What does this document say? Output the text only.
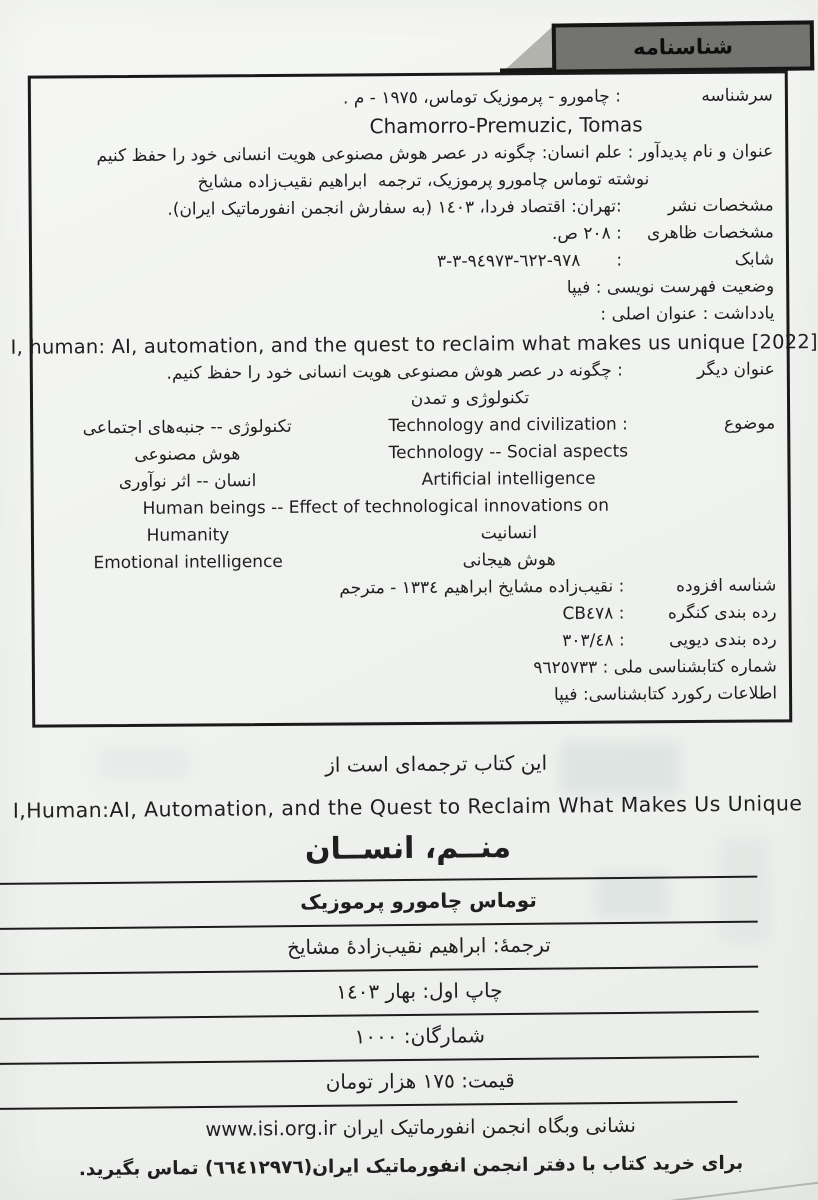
شناسنامه
سرشناسه
: چامورو - پرموزیک توماس، ١٩٧٥ - م .
Chamorro-Premuzic, Tomas
عنوان و نام پدیدآور : علم انسان: چگونه در عصر هوش مصنوعی هویت انسانی خود را حفظ کنیم
نوشته توماس چامورو پرموزیک، ترجمه  ابراهیم نقیب‌زاده مشایخ
مشخصات نشر
:تهران: اقتصاد فردا، ١٤٠٣ (به سفارش انجمن انفورماتیک ایران).
مشخصات ظاهری
: ٢٠٨ ص.
شابک
:
٩٧٨-٦٢٢-٩٤٩٧٣-٣-٣
وضعیت فهرست نویسی : فیپا
یادداشت : عنوان اصلی :
I, human: AI, automation, and the quest to reclaim what makes us unique [2022]
عنوان دیگر
: چگونه در عصر هوش مصنوعی هویت انسانی خود را حفظ کنیم.
تکنولوژی و تمدن
موضوع
Technology and civilization :
تکنولوژی -- جنبه‌های اجتماعی
Technology -- Social aspects
هوش مصنوعی
Artificial intelligence
انسان -- اثر نوآوری
Human beings -- Effect of technological innovations on
انسانیت
Humanity
هوش هیجانی
Emotional intelligence
شناسه افزوده
: نقیب‌زاده مشایخ ابراهیم ١٣٣٤ - مترجم
رده بندی کنگره
: CB٤٧٨
رده بندی دیویی
: ٣٠٣/٤٨
شماره کتابشناسی ملی : ٩٦٢٥٧٣٣
اطلاعات رکورد کتابشناسی: فیپا
این کتاب ترجمه‌ای است از
I,Human:AI, Automation, and the Quest to Reclaim What Makes Us Unique
منــم، انســان
توماس چامورو پرموزیک
ترجمهٔ: ابراهیم نقیب‌زادهٔ مشایخ
چاپ اول: بهار ١٤٠٣
شمارگان: ١٠٠٠
قیمت: ١٧٥ هزار تومان
نشانی وبگاه انجمن انفورماتیک ایران www.isi.org.ir
برای خرید کتاب با دفتر انجمن انفورماتیک ایران(٦٦٤١٢٩٧٦) تماس بگیرید.
